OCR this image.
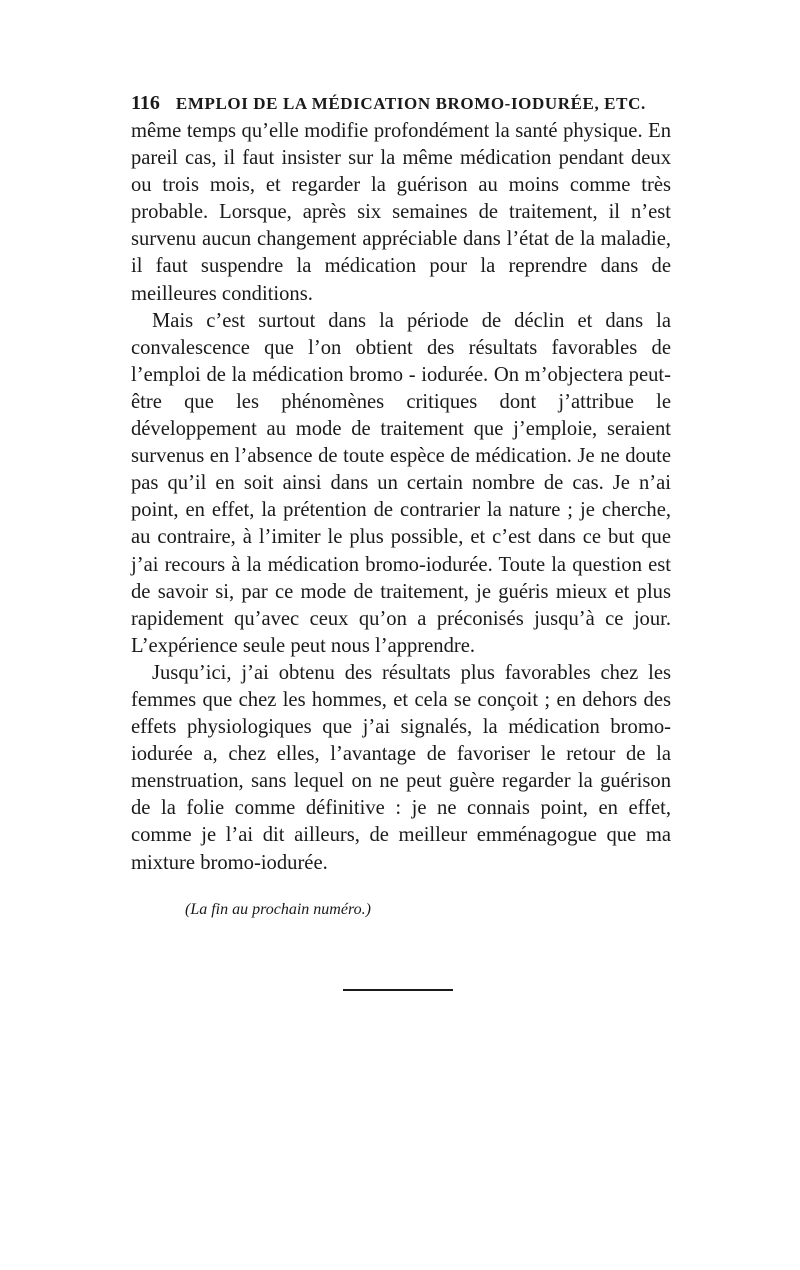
116 EMPLOI DE LA MÉDICATION BROMO-IODURÉE, ETC.

même temps qu’elle modifie profondément la santé physique. En pareil cas, il faut insister sur la même médication pendant deux ou trois mois, et regarder la guérison au moins comme très probable. Lorsque, après six semaines de traitement, il n’est survenu aucun changement appréciable dans l’état de la maladie, il faut suspendre la médication pour la reprendre dans de meilleures conditions.

Mais c’est surtout dans la période de déclin et dans la convalescence que l’on obtient des résultats favorables de l’emploi de la médication bromo - iodurée. On m’objectera peut-être que les phénomènes critiques dont j’attribue le développement au mode de traitement que j’emploie, seraient survenus en l’absence de toute espèce de médication. Je ne doute pas qu’il en soit ainsi dans un certain nombre de cas. Je n’ai point, en effet, la prétention de contrarier la nature ; je cherche, au contraire, à l’imiter le plus possible, et c’est dans ce but que j’ai recours à la médication bromo-iodurée. Toute la question est de savoir si, par ce mode de traitement, je guéris mieux et plus rapidement qu’avec ceux qu’on a préconisés jusqu’à ce jour. L’expérience seule peut nous l’apprendre.

Jusqu’ici, j’ai obtenu des résultats plus favorables chez les femmes que chez les hommes, et cela se conçoit ; en dehors des effets physiologiques que j’ai signalés, la médication bromo-iodurée a, chez elles, l’avantage de favoriser le retour de la menstruation, sans lequel on ne peut guère regarder la guérison de la folie comme définitive : je ne connais point, en effet, comme je l’ai dit ailleurs, de meilleur emménagogue que ma mixture bromo-iodurée.

(La fin au prochain numéro.)
